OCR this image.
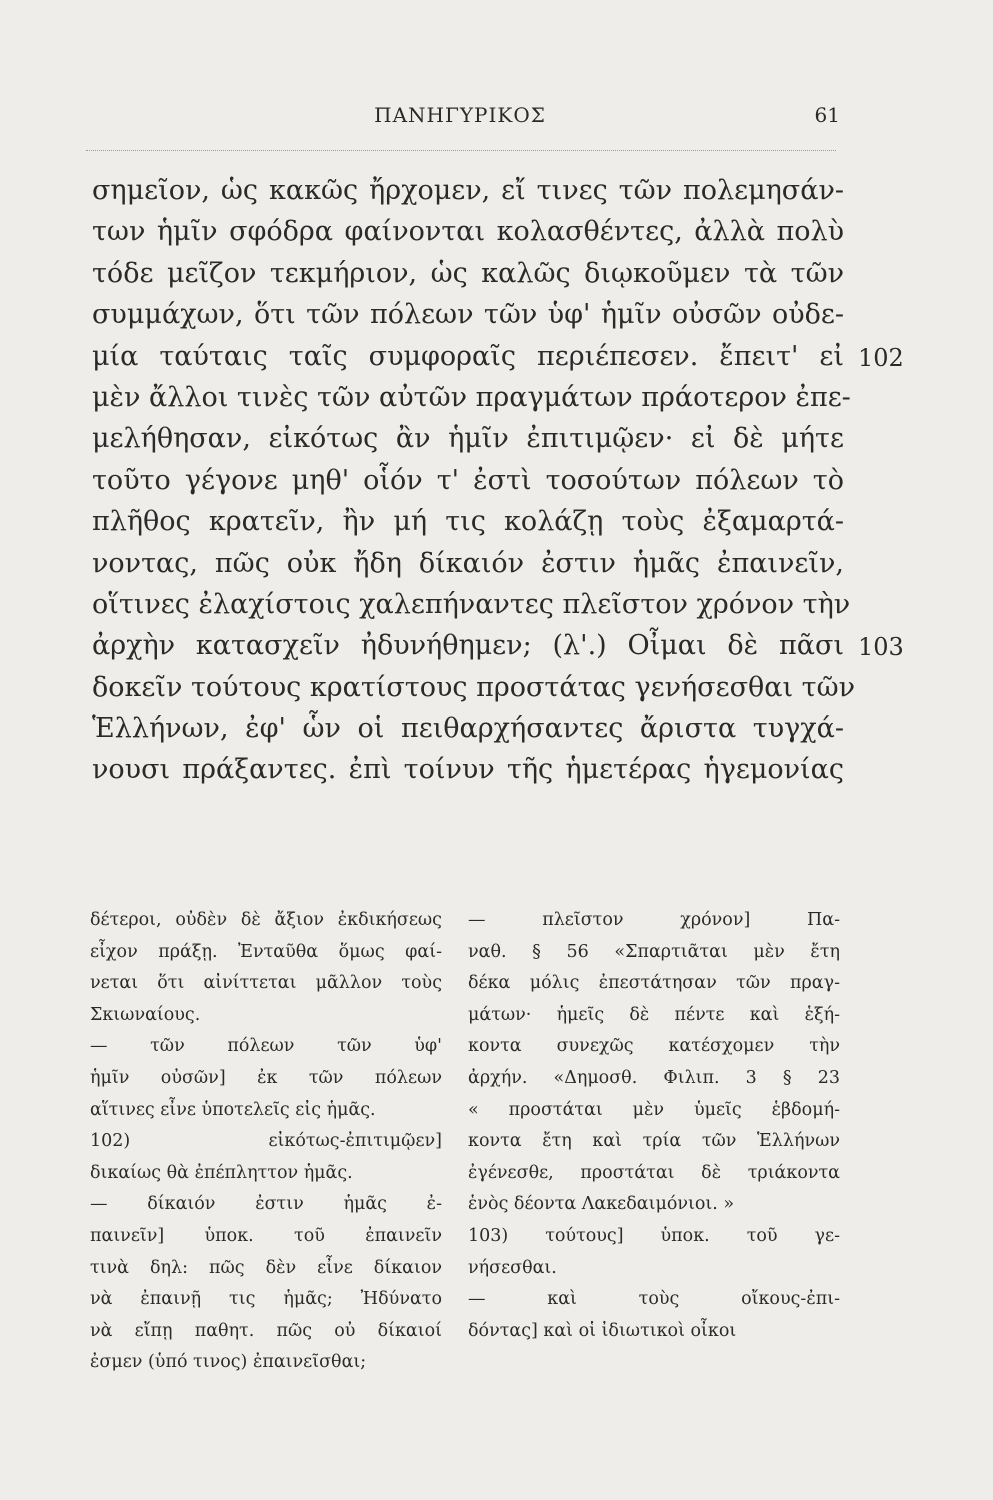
ΠΑΝΗΓΥΡΙΚΟΣ	61
σημεῖον, ὡς κακῶς ἤρχομεν, εἴ τινες τῶν πολεμησάν-
των ἡμῖν σφόδρα φαίνονται κολασθέντες, ἀλλὰ πολὺ
τόδε μεῖζον τεκμήριον, ὡς καλῶς διῳκοῦμεν τὰ τῶν
συμμάχων, ὅτι τῶν πόλεων τῶν ὑφ' ἡμῖν οὐσῶν οὐδε-
μία ταύταις ταῖς συμφοραῖς περιέπεσεν. ἔπειτ' εἰ
μὲν ἄλλοι τινὲς τῶν αὐτῶν πραγμάτων πράοτερον ἐπε-
μελήθησαν, εἰκότως ἂν ἡμῖν ἐπιτιμῷεν· εἰ δὲ μήτε
τοῦτο γέγονε μηθ' οἷόν τ' ἐστὶ τοσούτων πόλεων τὸ
πλῆθος κρατεῖν, ἢν μή τις κολάζῃ τοὺς ἐξαμαρτά-
νοντας, πῶς οὐκ ἤδη δίκαιόν ἐστιν ἡμᾶς ἐπαινεῖν,
οἵτινες ἐλαχίστοις χαλεπήναντες πλεῖστον χρόνον τὴν
ἀρχὴν κατασχεῖν ἠδυνήθημεν; (λ'.) Οἶμαι δὲ πᾶσι
δοκεῖν τούτους κρατίστους προστάτας γενήσεσθαι τῶν
Ἑλλήνων, ἐφ' ὧν οἱ πειθαρχήσαντες ἄριστα τυγχά-
νουσι πράξαντες. ἐπὶ τοίνυν τῆς ἡμετέρας ἡγεμονίας
102
103
δέτεροι, οὐδὲν δὲ ἄξιον ἐκδικήσεως
εἶχον πράξῃ. Ἐνταῦθα ὅμως φαί-
νεται ὅτι αἰνίττεται μᾶλλον τοὺς
Σκιωναίους.
— τῶν πόλεων τῶν ὑφ'
ἡμῖν οὐσῶν] ἐκ τῶν πόλεων
αἵτινες εἶνε ὑποτελεῖς εἰς ἡμᾶς.
102) εἰκότως-ἐπιτιμῷεν]
δικαίως θὰ ἐπέπληττον ἡμᾶς.
— δίκαιόν ἐστιν ἡμᾶς ἐ-
παινεῖν] ὑποκ. τοῦ ἐπαινεῖν
τινὰ δηλ: πῶς δὲν εἶνε δίκαιον
νὰ ἐπαινῇ τις ἡμᾶς; Ἠδύνατο
νὰ εἴπῃ παθητ. πῶς οὐ δίκαιοί
ἐσμεν (ὑπό τινος) ἐπαινεῖσθαι;
— πλεῖστον χρόνον] Πα-
ναθ. § 56 «Σπαρτιᾶται μὲν ἔτη
δέκα μόλις ἐπεστάτησαν τῶν πραγ-
μάτων· ἡμεῖς δὲ πέντε καὶ ἑξή-
κοντα συνεχῶς κατέσχομεν τὴν
ἀρχήν. «Δημοσθ. Φιλιπ. 3 § 23
« προστάται μὲν ὑμεῖς ἑβδομή-
κοντα ἔτη καὶ τρία τῶν Ἑλλήνων
ἐγένεσθε, προστάται δὲ τριάκοντα
ἑνὸς δέοντα Λακεδαιμόνιοι. »
103) τούτους] ὑποκ. τοῦ γε-
νήσεσθαι.
— καὶ τοὺς οἴκους-ἐπι-
δόντας] καὶ οἱ ἰδιωτικοὶ οἶκοι
